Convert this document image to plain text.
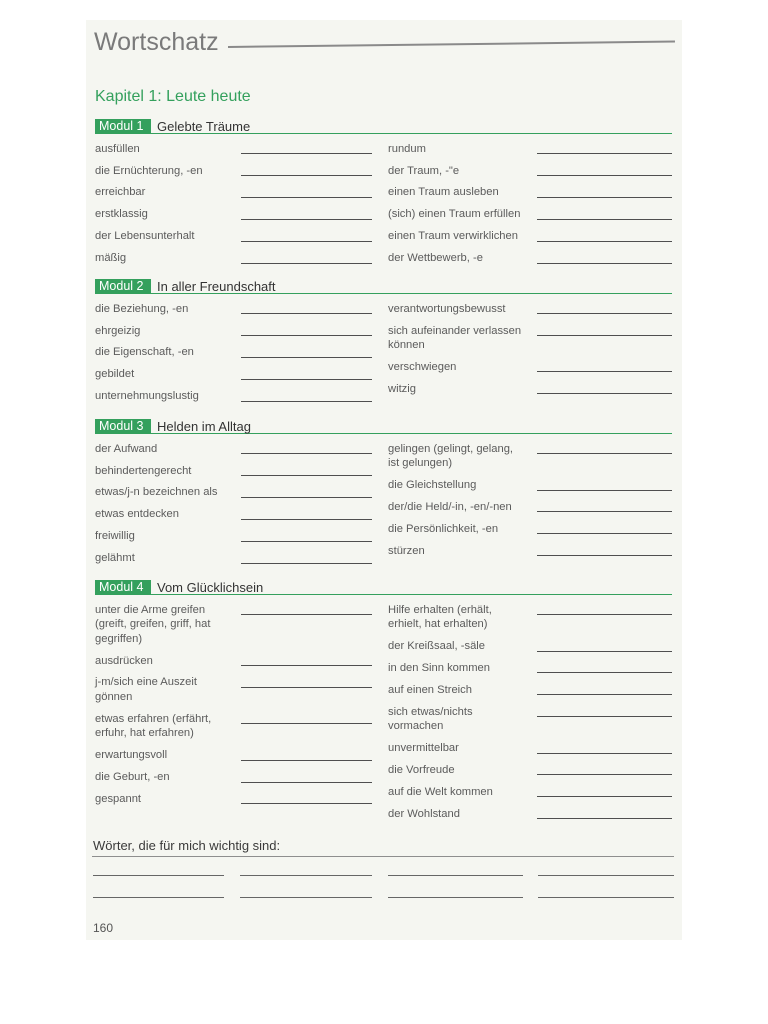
Wortschatz
Kapitel 1: Leute heute
Modul 1	Gelebte Träume
ausfüllen
die Ernüchterung, -en
erreichbar
erstklassig
der Lebensunterhalt
mäßig
rundum
der Traum, -"e
einen Traum ausleben
(sich) einen Traum erfüllen
einen Traum verwirklichen
der Wettbewerb, -e
Modul 2	In aller Freundschaft
die Beziehung, -en
ehrgeizig
die Eigenschaft, -en
gebildet
unternehmungslustig
verantwortungsbewusst
sich aufeinander verlassen
können
verschwiegen
witzig
Modul 3	Helden im Alltag
der Aufwand
behindertengerecht
etwas/j-n bezeichnen als
etwas entdecken
freiwillig
gelähmt
gelingen (gelingt, gelang,
ist gelungen)
die Gleichstellung
der/die Held/-in, -en/-nen
die Persönlichkeit, -en
stürzen
Modul 4	Vom Glücklichsein
unter die Arme greifen
(greift, greifen, griff, hat
gegriffen)
ausdrücken
j-m/sich eine Auszeit
gönnen
etwas erfahren (erfährt,
erfuhr, hat erfahren)
erwartungsvoll
die Geburt, -en
gespannt
Hilfe erhalten (erhält,
erhielt, hat erhalten)
der Kreißsaal, -säle
in den Sinn kommen
auf einen Streich
sich etwas/nichts
vormachen
unvermittelbar
die Vorfreude
auf die Welt kommen
der Wohlstand
Wörter, die für mich wichtig sind:
160
